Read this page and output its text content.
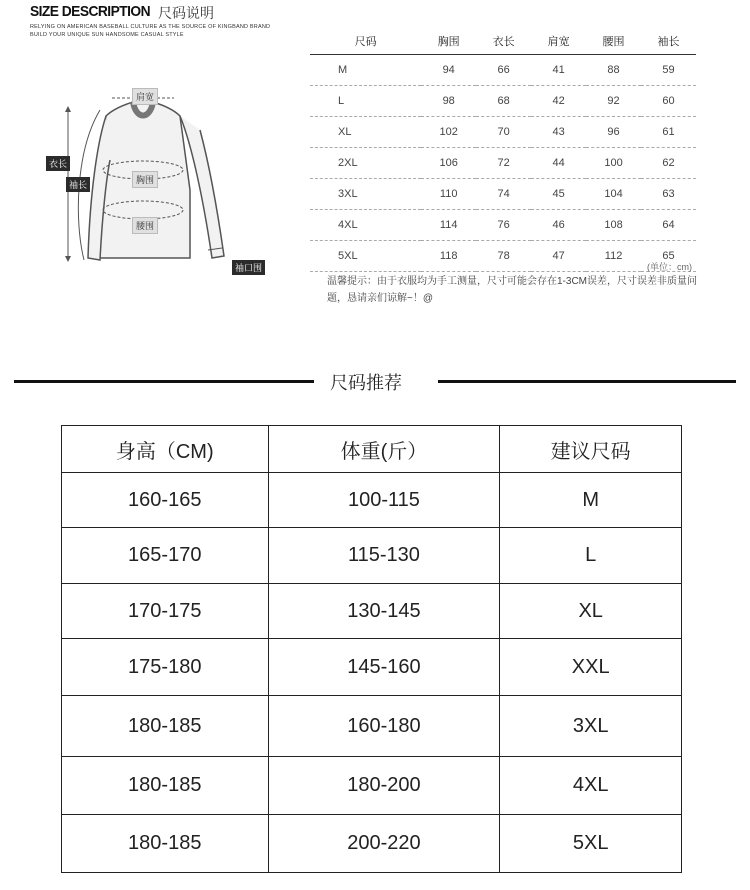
SIZE DESCRIPTION 尺码说明
RELYING ON AMERICAN BASEBALL CULTURE AS THE SOURCE OF KINGBAND BRAND
BUILD YOUR UNIQUE SUN HANDSOME CASUAL STYLE
肩宽
胸围
腰围
衣长
袖长
袖口围
尺码	胸围	衣长	肩宽	腰围	袖长
M	94	66	41	88	59
L	98	68	42	92	60
XL	102	70	43	96	61
2XL	106	72	44	100	62
3XL	110	74	45	104	63
4XL	114	76	46	108	64
5XL	118	78	47	112	65
(单位：cm)
温馨提示：由于衣服均为手工测量，尺寸可能会存在1-3CM误差，尺寸误差非质量问题，恳请亲们谅解~！@
尺码推荐
身高（CM)	体重(斤）	建议尺码
160-165	100-115	M
165-170	115-130	L
170-175	130-145	XL
175-180	145-160	XXL
180-185	160-180	3XL
180-185	180-200	4XL
180-185	200-220	5XL
